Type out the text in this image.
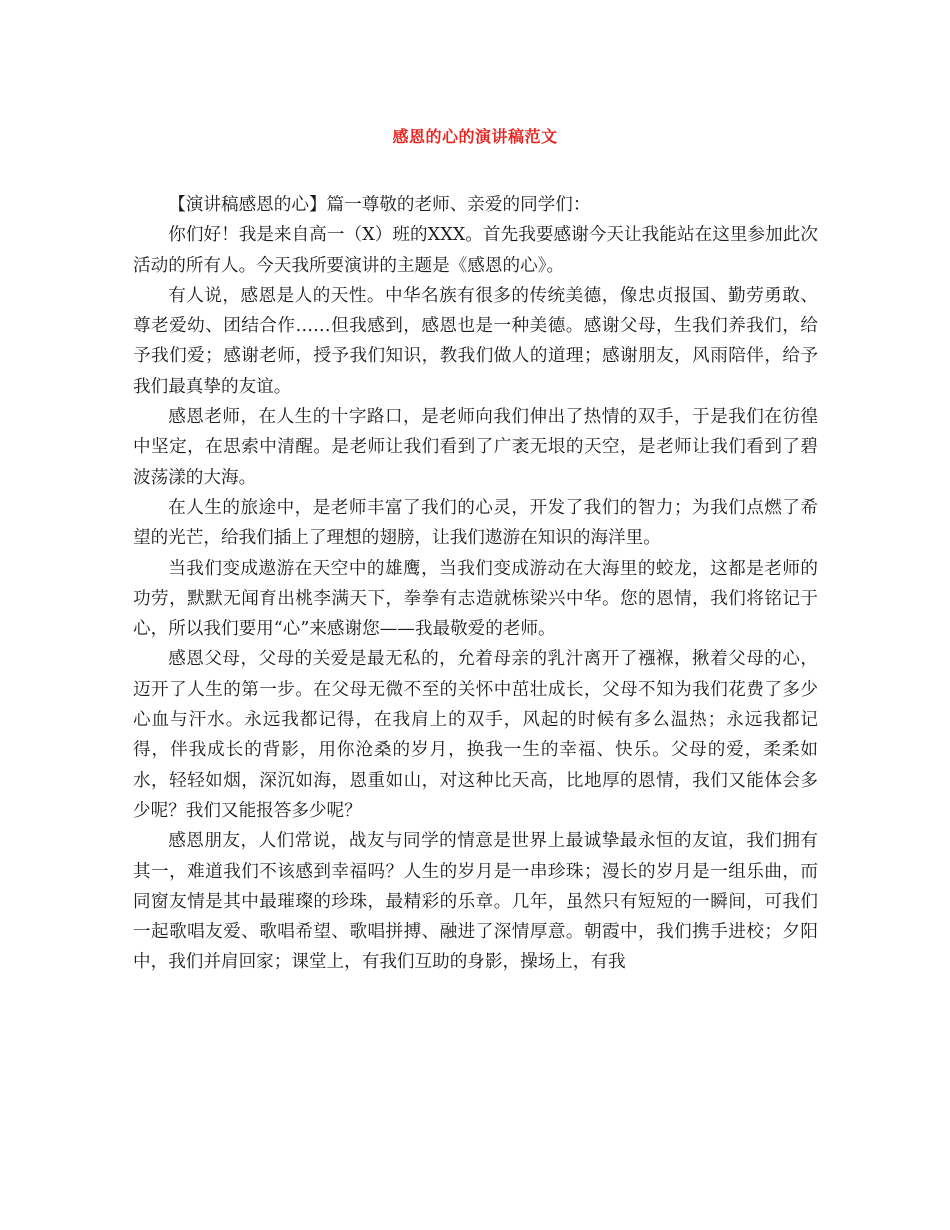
感恩的心的演讲稿范文

【演讲稿感恩的心】篇一尊敬的老师、亲爱的同学们：

你们好！我是来自高一（X）班的XXX。首先我要感谢今天让我能站在这里参加此次活动的所有人。今天我所要演讲的主题是《感恩的心》。

有人说，感恩是人的天性。中华名族有很多的传统美德，像忠贞报国、勤劳勇敢、尊老爱幼、团结合作……但我感到，感恩也是一种美德。感谢父母，生我们养我们，给予我们爱；感谢老师，授予我们知识，教我们做人的道理；感谢朋友，风雨陪伴，给予我们最真挚的友谊。

感恩老师，在人生的十字路口，是老师向我们伸出了热情的双手，于是我们在彷徨中坚定，在思索中清醒。是老师让我们看到了广袤无垠的天空，是老师让我们看到了碧波荡漾的大海。

在人生的旅途中，是老师丰富了我们的心灵，开发了我们的智力；为我们点燃了希望的光芒，给我们插上了理想的翅膀，让我们遨游在知识的海洋里。

当我们变成遨游在天空中的雄鹰，当我们变成游动在大海里的蛟龙，这都是老师的功劳，默默无闻育出桃李满天下，拳拳有志造就栋梁兴中华。您的恩情，我们将铭记于心，所以我们要用“心”来感谢您——我最敬爱的老师。

感恩父母，父母的关爱是最无私的，允着母亲的乳汁离开了襁褓，揪着父母的心，迈开了人生的第一步。在父母无微不至的关怀中茁壮成长，父母不知为我们花费了多少心血与汗水。永远我都记得，在我肩上的双手，风起的时候有多么温热；永远我都记得，伴我成长的背影，用你沧桑的岁月，换我一生的幸福、快乐。父母的爱，柔柔如水，轻轻如烟，深沉如海，恩重如山，对这种比天高，比地厚的恩情，我们又能体会多少呢？我们又能报答多少呢？

感恩朋友，人们常说，战友与同学的情意是世界上最诚挚最永恒的友谊，我们拥有其一，难道我们不该感到幸福吗？人生的岁月是一串珍珠；漫长的岁月是一组乐曲，而同窗友情是其中最璀璨的珍珠，最精彩的乐章。几年，虽然只有短短的一瞬间，可我们一起歌唱友爱、歌唱希望、歌唱拼搏、融进了深情厚意。朝霞中，我们携手进校；夕阳中，我们并肩回家；课堂上，有我们互助的身影，操场上，有我
